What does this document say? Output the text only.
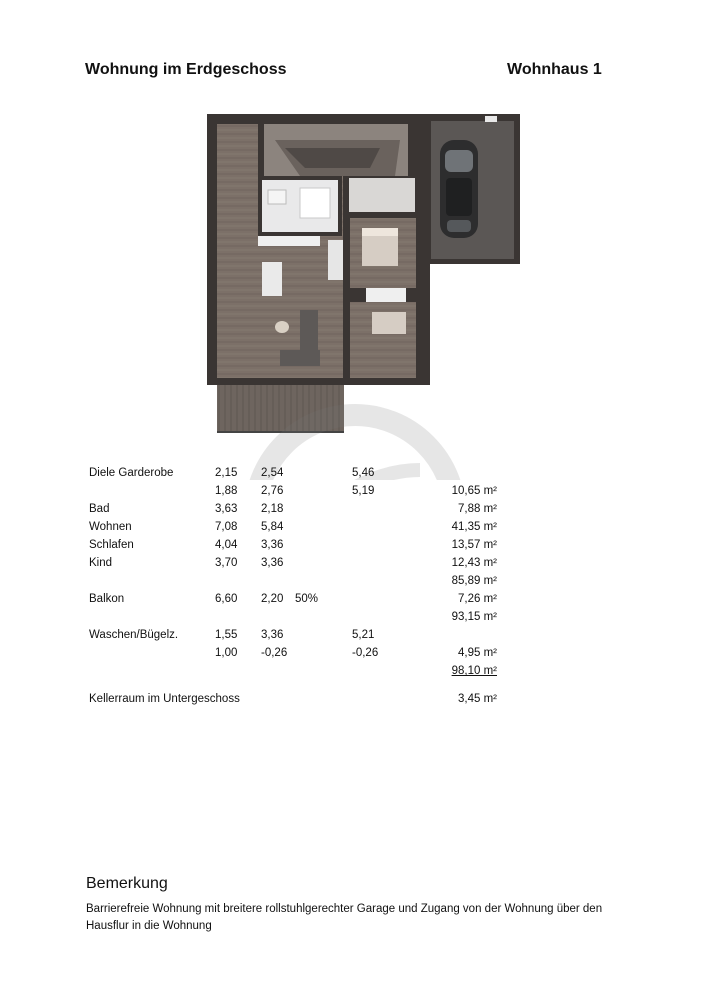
Wohnung im Erdgeschoss	Wohnhaus 1
Diele Garderobe	2,15 2,54	5,46
1,88 2,76	5,19	10,65 m²
Bad	3,63 2,18	7,88 m²
Wohnen	7,08 5,84	41,35 m²
Schlafen	4,04 3,36	13,57 m²
Kind	3,70 3,36	12,43 m²
85,89 m²
Balkon	6,60 2,20 50%	7,26 m²
93,15 m²
Waschen/Bügelz.	1,55 3,36	5,21
1,00 -0,26	-0,26	4,95 m²
98,10 m²
Kellerraum im Untergeschoss	3,45 m²
Bemerkung
Barrierefreie Wohnung mit breitere rollstuhlgerechter Garage und Zugang von der Wohnung über den Hausflur in die Wohnung
